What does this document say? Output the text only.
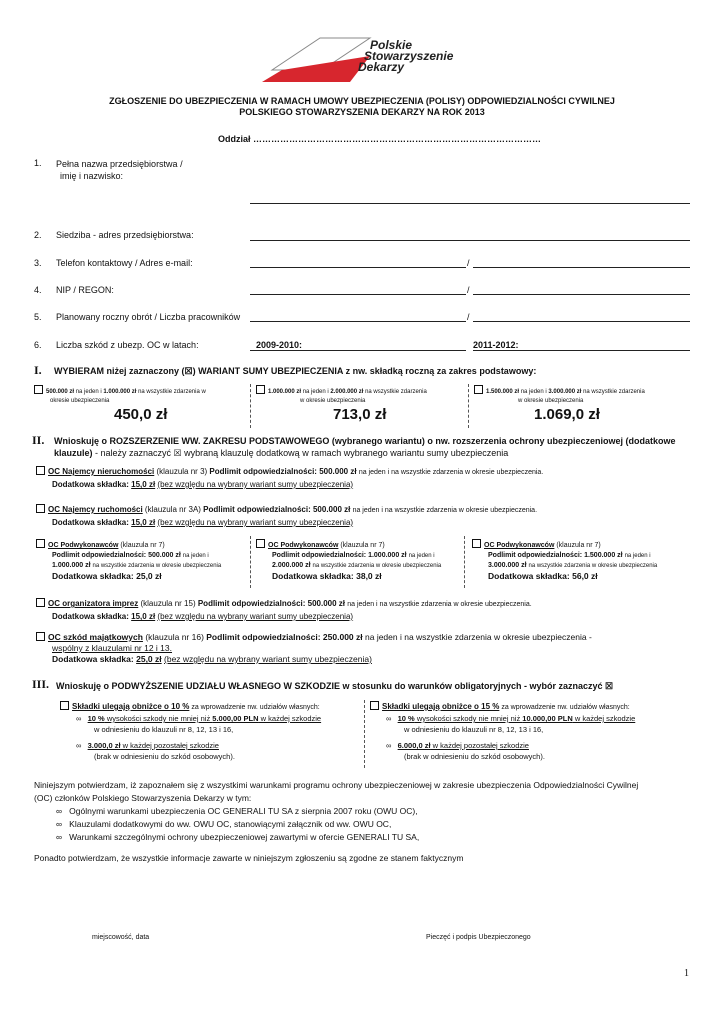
Polskie
Stowarzyszenie
Dekarzy
ZGŁOSZENIE DO UBEZPIECZENIA W RAMACH UMOWY UBEZPIECZENIA (POLISY) ODPOWIEDZIALNOŚCI CYWILNEJ
POLSKIEGO STOWARZYSZENIA DEKARZY NA ROK 2013
Oddział ……………………………………………………………………………………
1. Pełna nazwa przedsiębiorstwa /
imię i nazwisko:
2. Siedziba - adres przedsiębiorstwa:
3. Telefon kontaktowy / Adres e-mail:	/
4. NIP / REGON:	/
5. Planowany roczny obrót / Liczba pracowników	/
6. Liczba szkód z ubezp. OC w latach:	2009-2010:	2011-2012:
I. WYBIERAM niżej zaznaczony (☒) WARIANT SUMY UBEZPIECZENIA z nw. składką roczną za zakres podstawowy:
500.000 zł na jeden i 1.000.000 zł na wszystkie zdarzenia w
okresie ubezpieczenia
450,0 zł
1.000.000 zł na jeden i 2.000.000 zł na wszystkie zdarzenia
w okresie ubezpieczenia
713,0 zł
1.500.000 zł na jeden i 3.000.000 zł na wszystkie zdarzenia
w okresie ubezpieczenia
1.069,0 zł
II. Wnioskuję o ROZSZERZENIE WW. ZAKRESU PODSTAWOWEGO (wybranego wariantu) o nw. rozszerzenia ochrony ubezpieczeniowej (dodatkowe
klauzule) - należy zaznaczyć ☒ wybraną klauzulę dodatkową w ramach wybranego wariantu sumy ubezpieczenia
OC Najemcy nieruchomości (klauzula nr 3) Podlimit odpowiedzialności: 500.000 zł na jeden i na wszystkie zdarzenia w okresie ubezpieczenia.
Dodatkowa składka: 15,0 zł (bez względu na wybrany wariant sumy ubezpieczenia)
OC Najemcy ruchomości (klauzula nr 3A) Podlimit odpowiedzialności: 500.000 zł na jeden i na wszystkie zdarzenia w okresie ubezpieczenia.
Dodatkowa składka: 15,0 zł (bez względu na wybrany wariant sumy ubezpieczenia)
OC Podwykonawców (klauzula nr 7)
Podlimit odpowiedzialności: 500.000 zł na jeden i
1.000.000 zł na wszystkie zdarzenia w okresie ubezpieczenia
Dodatkowa składka: 25,0 zł
OC Podwykonawców (klauzula nr 7)
Podlimit odpowiedzialności: 1.000.000 zł na jeden i
2.000.000 zł na wszystkie zdarzenia w okresie ubezpieczenia
Dodatkowa składka: 38,0 zł
OC Podwykonawców (klauzula nr 7)
Podlimit odpowiedzialności: 1.500.000 zł na jeden i
3.000.000 zł na wszystkie zdarzenia w okresie ubezpieczenia
Dodatkowa składka: 56,0 zł
OC organizatora imprez (klauzula nr 15) Podlimit odpowiedzialności: 500.000 zł na jeden i na wszystkie zdarzenia w okresie ubezpieczenia.
Dodatkowa składka: 15,0 zł (bez względu na wybrany wariant sumy ubezpieczenia)
OC szkód majątkowych (klauzula nr 16) Podlimit odpowiedzialności: 250.000 zł na jeden i na wszystkie zdarzenia w okresie ubezpieczenia -
wspólny z klauzulami nr 12 i 13.
Dodatkowa składka: 25,0 zł (bez względu na wybrany wariant sumy ubezpieczenia)
III. Wnioskuję o PODWYŻSZENIE UDZIAŁU WŁASNEGO W SZKODZIE w stosunku do warunków obligatoryjnych - wybór zaznaczyć ☒
Składki ulegają obniżce o 10 % za wprowadzenie nw. udziałów własnych:
∞ 10 % wysokości szkody nie mniej niż 5.000,00 PLN w każdej szkodzie
w odniesieniu do klauzuli nr 8, 12, 13 i 16,
∞ 3.000,0 zł w każdej pozostałej szkodzie
(brak w odniesieniu do szkód osobowych).
Składki ulegają obniżce o 15 % za wprowadzenie nw. udziałów własnych:
∞ 10 % wysokości szkody nie mniej niż 10.000,00 PLN w każdej szkodzie
w odniesieniu do klauzuli nr 8, 12, 13 i 16,
∞ 6.000,0 zł w każdej pozostałej szkodzie
(brak w odniesieniu do szkód osobowych).
Niniejszym potwierdzam, iż zapoznałem się z wszystkimi warunkami programu ochrony ubezpieczeniowej w zakresie ubezpieczenia Odpowiedzialności Cywilnej
(OC) członków Polskiego Stowarzyszenia Dekarzy w tym:
∞ Ogólnymi warunkami ubezpieczenia OC GENERALI TU SA z sierpnia 2007 roku (OWU OC),
∞ Klauzulami dodatkowymi do ww. OWU OC, stanowiącymi załącznik od ww. OWU OC,
∞ Warunkami szczególnymi ochrony ubezpieczeniowej zawartymi w ofercie GENERALI TU SA,
Ponadto potwierdzam, że wszystkie informacje zawarte w niniejszym zgłoszeniu są zgodne ze stanem faktycznym
miejscowość, data	Pieczęć i podpis Ubezpieczonego
1
